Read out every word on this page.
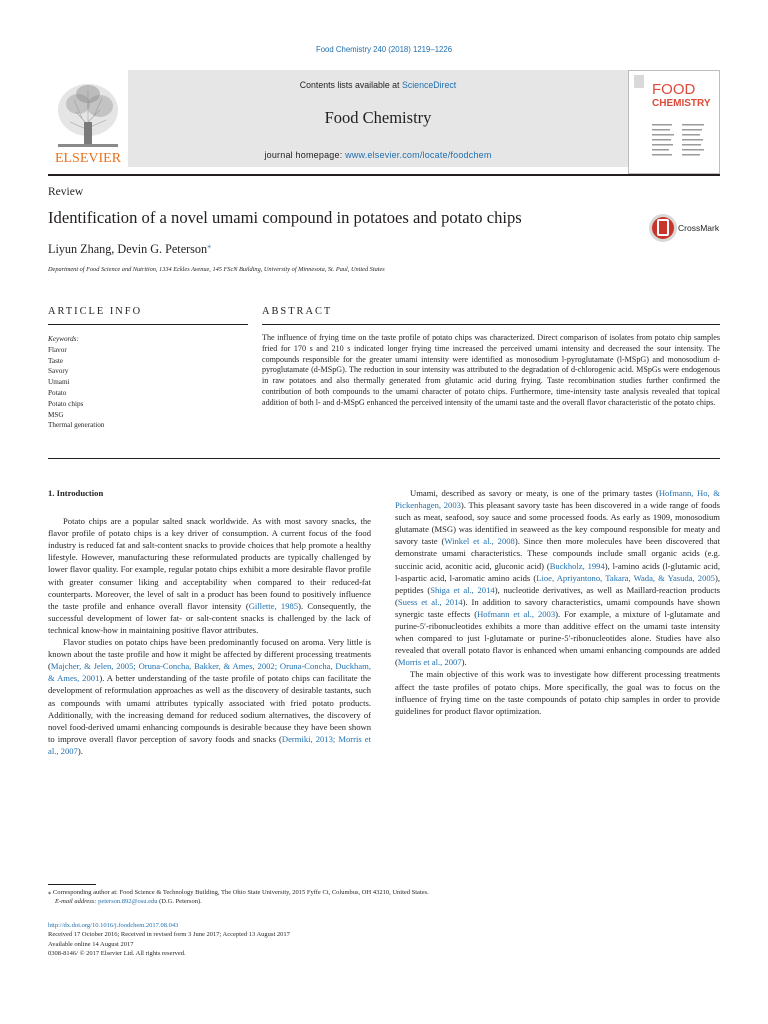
Food Chemistry 240 (2018) 1219–1226
ELSEVIER
Contents lists available at ScienceDirect
Food Chemistry
journal homepage: www.elsevier.com/locate/foodchem
FOOD
CHEMISTRY
Review
Identification of a novel umami compound in potatoes and potato chips
CrossMark
Liyun Zhang, Devin G. Peterson⁎
Department of Food Science and Nutrition, 1334 Eckles Avenue, 145 FScN Building, University of Minnesota, St. Paul, United States
ARTICLE INFO	ABSTRACT
Keywords:
Flavor
Taste
Savory
Umami
Potato
Potato chips
MSG
Thermal generation
The influence of frying time on the taste profile of potato chips was characterized. Direct comparison of isolates from potato chip samples fried for 170 s and 210 s indicated longer frying time increased the perceived umami intensity and decreased the sour intensity. The compounds responsible for the greater umami intensity were identified as monosodium l-pyroglutamate (l-MSpG) and monosodium d-pyroglutamate (d-MSpG). The reduction in sour intensity was attributed to the degradation of d-chlorogenic acid. MSpGs were endogenous in raw potatoes and also thermally generated from glutamic acid during frying. Taste recombination studies further confirmed the contribution of both compounds to the umami character of potato chips. Furthermore, time-intensity taste analysis revealed that topical addition of both l- and d-MSpG enhanced the perceived intensity of the umami taste and the overall flavor characteristic of the potato chips.
1. Introduction

Potato chips are a popular salted snack worldwide. As with most savory snacks, the flavor profile of potato chips is a key driver of consumption. A current focus of the food industry is reduced fat and salt-content snacks to provide choices that help promote a healthy lifestyle. However, manufacturing these reformulated products are typically challenged by lower flavor quality. For example, regular potato chips exhibit a more desirable flavor profile with greater consumer liking and acceptability when compared to their reduced-fat counterparts. Moreover, the level of salt in a product has been found to positively influence the taste profile and enhance overall flavor intensity (Gillette, 1985). Consequently, the successful development of lower fat- or salt-content snacks is challenged by the lack of technical know-how in maintaining positive flavor attributes.

Flavor studies on potato chips have been predominantly focused on aroma. Very little is known about the taste profile and how it might be affected by different processing treatments (Majcher, & Jelen, 2005; Oruna-Concha, Bakker, & Ames, 2002; Oruna-Concha, Duckham, & Ames, 2001). A better understanding of the taste profile of potato chips can facilitate the development of reformulation approaches as well as the discovery of desirable tastants, such as compounds with umami attributes typically associated with fried potato products. Additionally, with the increasing demand for reduced sodium alternatives, the discovery of novel food-derived umami enhancing compounds is desirable because they have been shown to improve overall flavor perception of savory foods and snacks (Dermiki, 2013; Morris et al., 2007).

Umami, described as savory or meaty, is one of the primary tastes (Hofmann, Ho, & Pickenhagen, 2003). This pleasant savory taste has been discovered in a wide range of foods such as meat, seafood, soy sauce and some processed foods. As early as 1909, monosodium glutamate (MSG) was identified in seaweed as the key compound responsible for meaty and savory taste (Winkel et al., 2008). Since then more molecules have been discovered that demonstrate umami characteristics. These compounds include small organic acids (e.g. succinic acid, aconitic acid, gluconic acid) (Buckholz, 1994), l-amino acids (l-glutamic acid, l-aspartic acid, l-aromatic amino acids (Lioe, Apriyantono, Takara, Wada, & Yasuda, 2005), peptides (Shiga et al., 2014), nucleotide derivatives, as well as Maillard-reaction products (Suess et al., 2014). In addition to savory characteristics, umami compounds have shown synergic taste effects (Hofmann et al., 2003). For example, a mixture of l-glutamate and purine-5′-ribonucleotides exhibits a more than additive effect on the umami taste intensity when compared to just l-glutamate or purine-5′-ribonucleotides alone. Studies have also revealed that overall potato flavor is enhanced when umami enhancing compounds are added (Morris et al., 2007).

The main objective of this work was to investigate how different processing treatments affect the taste profiles of potato chips. More specifically, the goal was to focus on the influence of frying time on the taste compounds of potato chip samples in order to provide guidelines for product flavor optimization.

⁎ Corresponding author at: Food Science & Technology Building, The Ohio State University, 2015 Fyffe Ct, Columbus, OH 43210, United States.
E-mail address: peterson.892@osu.edu (D.G. Peterson).
http://dx.doi.org/10.1016/j.foodchem.2017.08.043
Received 17 October 2016; Received in revised form 3 June 2017; Accepted 13 August 2017
Available online 14 August 2017
0308-8146/ © 2017 Elsevier Ltd. All rights reserved.
